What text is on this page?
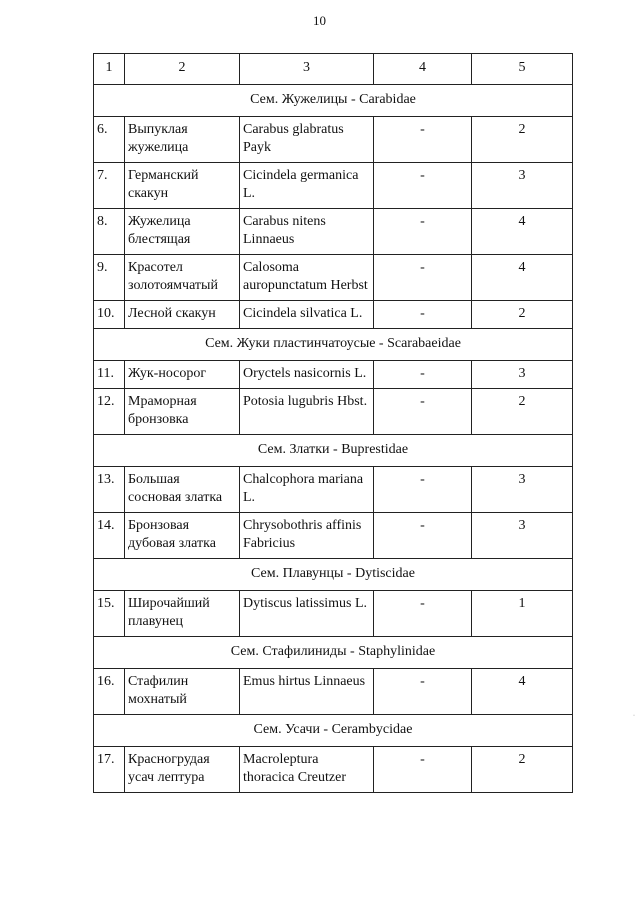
10
1	2	3	4	5
Сем. Жужелицы - Carabidae				
6.	Выпуклая жужелица	Carabus glabratus Payk	-	2
7.	Германский скакун	Cicindela germanica L.	-	3
8.	Жужелица блестящая	Carabus nitens Linnaeus	-	4
9.	Красотел золотоямчатый	Calosoma auropunctatum Herbst	-	4
10.	Лесной скакун	Cicindela silvatica L.	-	2
Сем. Жуки пластинчатоусые - Scarabaeidae				
11.	Жук-носорог	Oryctels nasicornis L.	-	3
12.	Мраморная бронзовка	Potosia lugubris Hbst.	-	2
Сем. Златки - Buprestidae				
13.	Большая сосновая златка	Chalcophora mariana L.	-	3
14.	Бронзовая дубовая златка	Chrysobothris affinis Fabricius	-	3
Сем. Плавунцы - Dytiscidae				
15.	Широчайший плавунец	Dytiscus latissimus L.	-	1
Сем. Стафилиниды - Staphylinidae				
16.	Стафилин мохнатый	Emus hirtus Linnaeus	-	4
Сем. Усачи - Cerambycidae				
17.	Красногрудая усач лептура	Macroleptura thoracica Creutzer	-	2
·
